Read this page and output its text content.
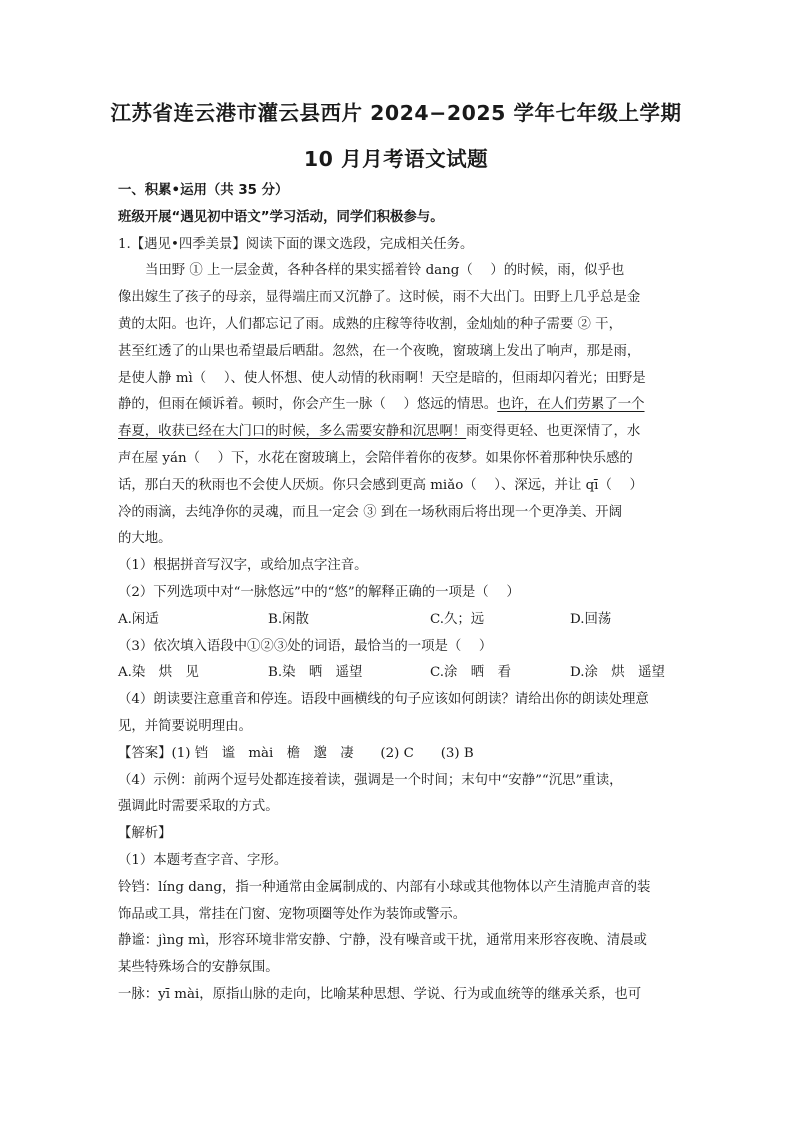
江苏省连云港市灌云县西片 2024−2025 学年七年级上学期
10 月月考语文试题
一、积累•运用（共 35 分）
班级开展“遇见初中语文”学习活动，同学们积极参与。
1.【遇见•四季美景】阅读下面的课文选段，完成相关任务。
当田野 ① 上一层金黄，各种各样的果实摇着铃 dang（　 ）的时候，雨，似乎也
像出嫁生了孩子的母亲，显得端庄而又沉静了。这时候，雨不大出门。田野上几乎总是金
黄的太阳。也许，人们都忘记了雨。成熟的庄稼等待收割，金灿灿的种子需要 ② 干，
甚至红透了的山果也希望最后晒甜。忽然，在一个夜晚，窗玻璃上发出了响声，那是雨，
是使人静 mì（　 ）、使人怀想、使人动情的秋雨啊！天空是暗的，但雨却闪着光；田野是
静的，但雨在倾诉着。顿时，你会产生一脉（　 ）悠远的情思。也许，在人们劳累了一个
春夏，收获已经在大门口的时候，多么需要安静和沉思啊！雨变得更轻、也更深情了，水
声在屋 yán（　 ）下，水花在窗玻璃上，会陪伴着你的夜梦。如果你怀着那种快乐感的
话，那白天的秋雨也不会使人厌烦。你只会感到更高 miǎo（　 ）、深远，并让 qī（　 ）
冷的雨滴，去纯净你的灵魂，而且一定会 ③ 到在一场秋雨后将出现一个更净美、开阔
的大地。
（1）根据拼音写汉字，或给加点字注音。
（2）下列选项中对“一脉悠远”中的“悠”的解释正确的一项是（　 ）
A.闲适	B.闲散	C.久；远	D.回荡
（3）依次填入语段中①②③处的词语，最恰当的一项是（　 ）
A.染　烘　见	B.染　晒　遥望	C.涂　晒　看	D.涂　烘　遥望
（4）朗读要注意重音和停连。语段中画横线的句子应该如何朗读？请给出你的朗读处理意
见，并简要说明理由。
【答案】(1) 铛　谧　mài　檐　邈　凄　　(2) C　　(3) B
（4）示例：前两个逗号处都连接着读，强调是一个时间；末句中“安静”“沉思”重读，
强调此时需要采取的方式。
【解析】
（1）本题考查字音、字形。
铃铛：líng dang，指一种通常由金属制成的、内部有小球或其他物体以产生清脆声音的装
饰品或工具，常挂在门窗、宠物项圈等处作为装饰或警示。
静谧：jìng mì，形容环境非常安静、宁静，没有噪音或干扰，通常用来形容夜晚、清晨或
某些特殊场合的安静氛围。
一脉：yī mài，原指山脉的走向，比喻某种思想、学说、行为或血统等的继承关系，也可
